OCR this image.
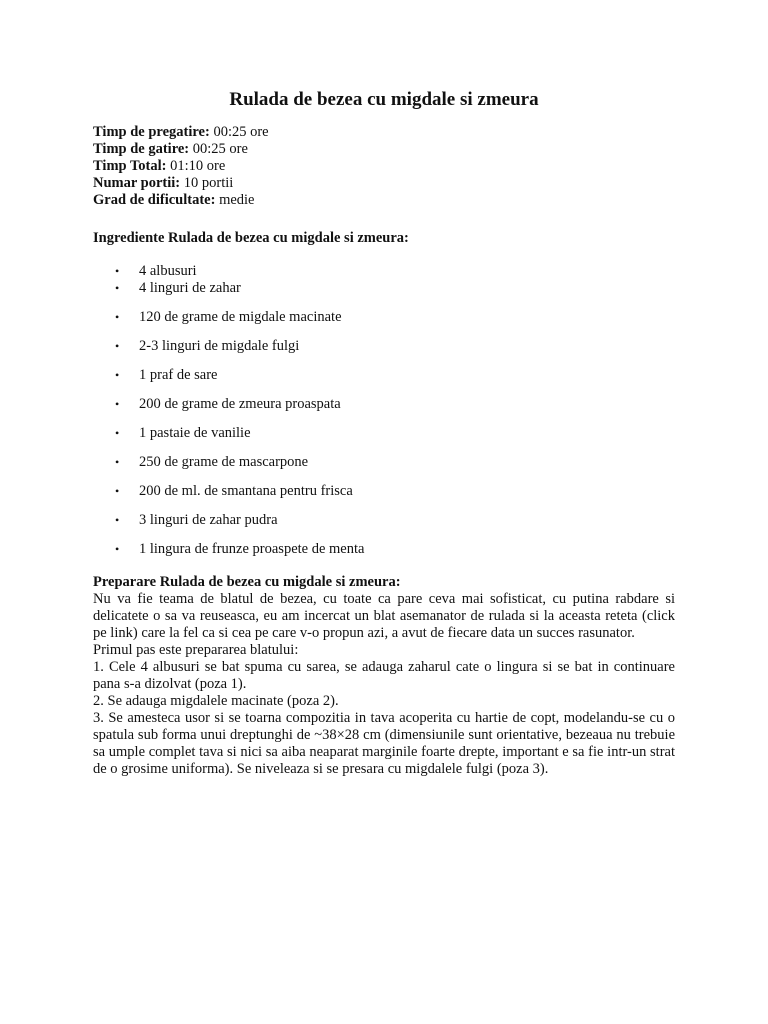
Rulada de bezea cu migdale si zmeura

Timp de pregatire: 00:25 ore

Timp de gatire: 00:25 ore

Timp Total: 01:10 ore

Numar portii: 10 portii

Grad de dificultate: medie

Ingrediente Rulada de bezea cu migdale si zmeura:

• 4 albusuri
• 4 linguri de zahar
• 120 de grame de migdale macinate
• 2-3 linguri de migdale fulgi
• 1 praf de sare
• 200 de grame de zmeura proaspata
• 1 pastaie de vanilie
• 250 de grame de mascarpone
• 200 de ml. de smantana pentru frisca
• 3 linguri de zahar pudra
• 1 lingura de frunze proaspete de menta

Preparare Rulada de bezea cu migdale si zmeura:

Nu va fie teama de blatul de bezea, cu toate ca pare ceva mai sofisticat, cu putina rabdare si delicatete o sa va reuseasca, eu am incercat un blat asemanator de rulada si la aceasta reteta (click pe link) care la fel ca si cea pe care v-o propun azi, a avut de fiecare data un succes rasunator.

Primul pas este prepararea blatului:

1. Cele 4 albusuri se bat spuma cu sarea, se adauga zaharul cate o lingura si se bat in continuare pana s-a dizolvat (poza 1).

2. Se adauga migdalele macinate (poza 2).

3. Se amesteca usor si se toarna compozitia in tava acoperita cu hartie de copt, modelandu-se cu o spatula sub forma unui dreptunghi de ~38×28 cm (dimensiunile sunt orientative, bezeaua nu trebuie sa umple complet tava si nici sa aiba neaparat marginile foarte drepte, important e sa fie intr-un strat de o grosime uniforma). Se niveleaza si se presara cu migdalele fulgi (poza 3).
